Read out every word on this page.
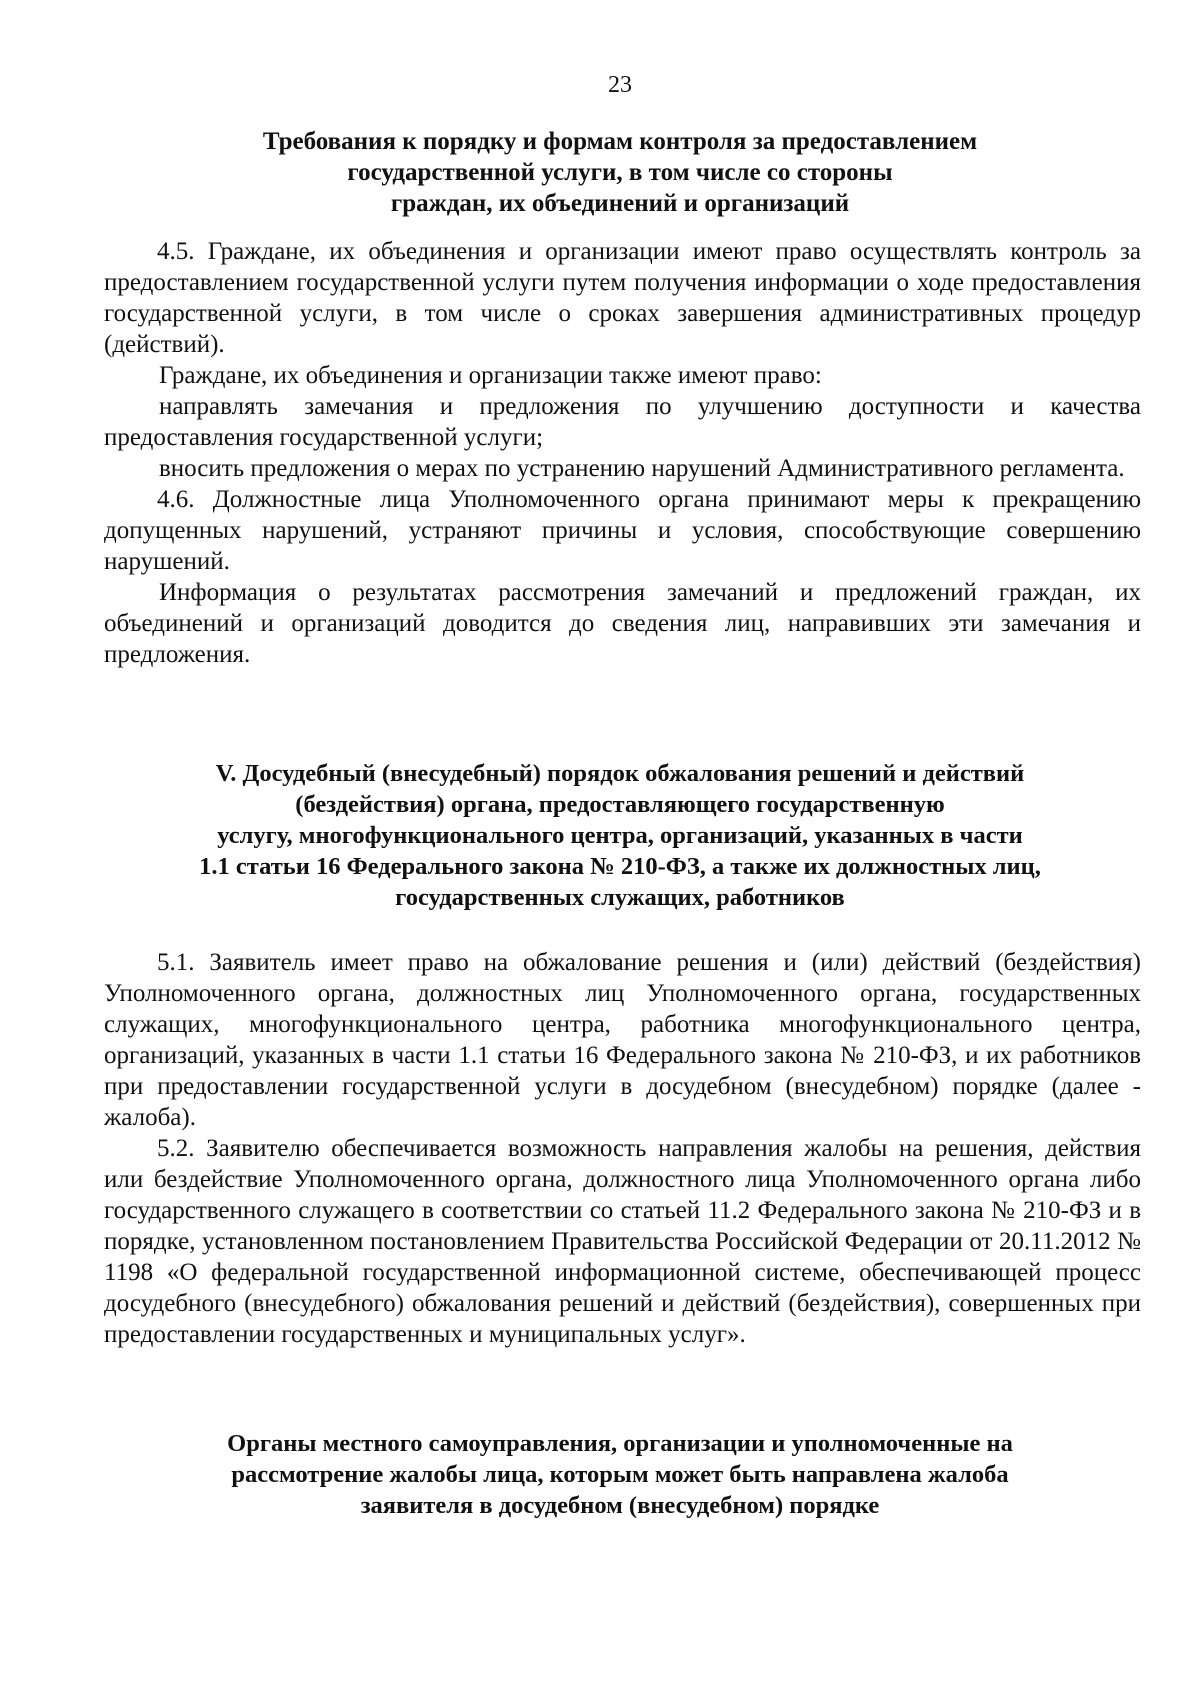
23

Требования к порядку и формам контроля за предоставлением
государственной услуги, в том числе со стороны
граждан, их объединений и организаций

4.5. Граждане, их объединения и организации имеют право осуществлять контроль за предоставлением государственной услуги путем получения информации о ходе предоставления государственной услуги, в том числе о сроках завершения административных процедур (действий).

Граждане, их объединения и организации также имеют право:

направлять замечания и предложения по улучшению доступности и качества предоставления государственной услуги;

вносить предложения о мерах по устранению нарушений Административного регламента.

4.6. Должностные лица Уполномоченного органа принимают меры к прекращению допущенных нарушений, устраняют причины и условия, способствующие совершению нарушений.

Информация о результатах рассмотрения замечаний и предложений граждан, их объединений и организаций доводится до сведения лиц, направивших эти замечания и предложения.

V. Досудебный (внесудебный) порядок обжалования решений и действий
(бездействия) органа, предоставляющего государственную
услугу, многофункционального центра, организаций, указанных в части
1.1 статьи 16 Федерального закона № 210-ФЗ, а также их должностных лиц,
государственных служащих, работников

5.1. Заявитель имеет право на обжалование решения и (или) действий (бездействия) Уполномоченного органа, должностных лиц Уполномоченного органа, государственных служащих, многофункционального центра, работника многофункционального центра, организаций, указанных в части 1.1 статьи 16 Федерального закона № 210-ФЗ, и их работников при предоставлении государственной услуги в досудебном (внесудебном) порядке (далее - жалоба).

5.2. Заявителю обеспечивается возможность направления жалобы на решения, действия или бездействие Уполномоченного органа, должностного лица Уполномоченного органа либо государственного служащего в соответствии со статьей 11.2 Федерального закона № 210-ФЗ и в порядке, установленном постановлением Правительства Российской Федерации от 20.11.2012 № 1198 «О федеральной государственной информационной системе, обеспечивающей процесс досудебного (внесудебного) обжалования решений и действий (бездействия), совершенных при предоставлении государственных и муниципальных услуг».

Органы местного самоуправления, организации и уполномоченные на
рассмотрение жалобы лица, которым может быть направлена жалоба
заявителя в досудебном (внесудебном) порядке
